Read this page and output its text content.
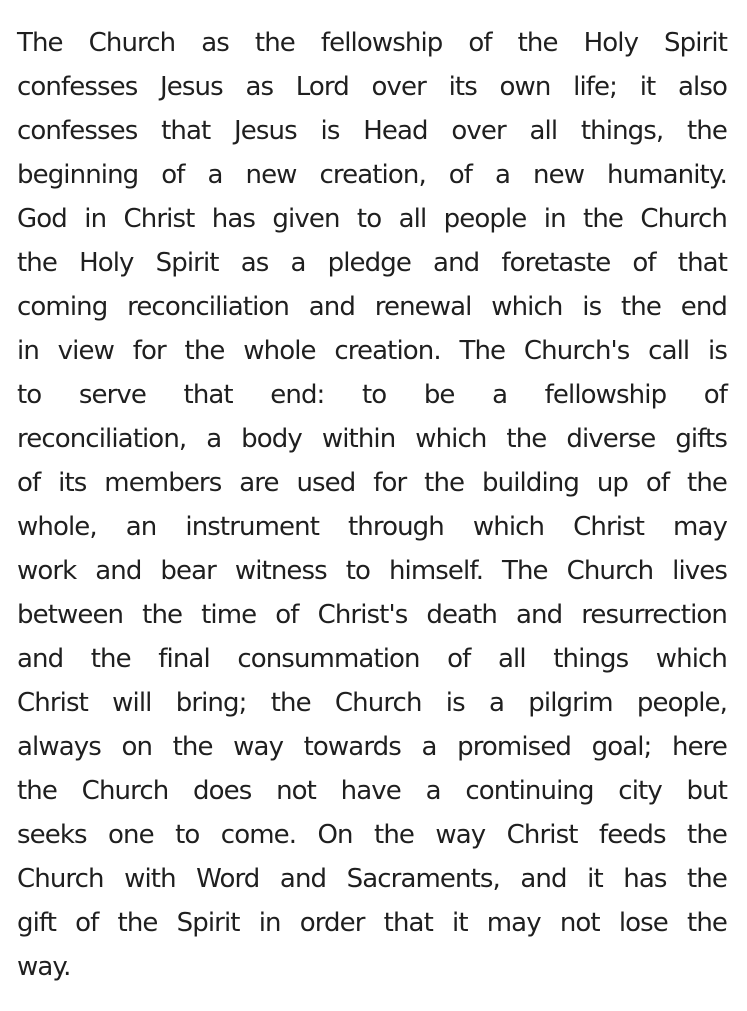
The Church as the fellowship of the Holy Spirit
confesses Jesus as Lord over its own life; it also
confesses that Jesus is Head over all things, the
beginning of a new creation, of a new humanity.
God in Christ has given to all people in the Church
the Holy Spirit as a pledge and foretaste of that
coming reconciliation and renewal which is the end
in view for the whole creation. The Church's call is
to serve that end: to be a fellowship of
reconciliation, a body within which the diverse gifts
of its members are used for the building up of the
whole, an instrument through which Christ may
work and bear witness to himself. The Church lives
between the time of Christ's death and resurrection
and the final consummation of all things which
Christ will bring; the Church is a pilgrim people,
always on the way towards a promised goal; here
the Church does not have a continuing city but
seeks one to come. On the way Christ feeds the
Church with Word and Sacraments, and it has the
gift of the Spirit in order that it may not lose the
way.
